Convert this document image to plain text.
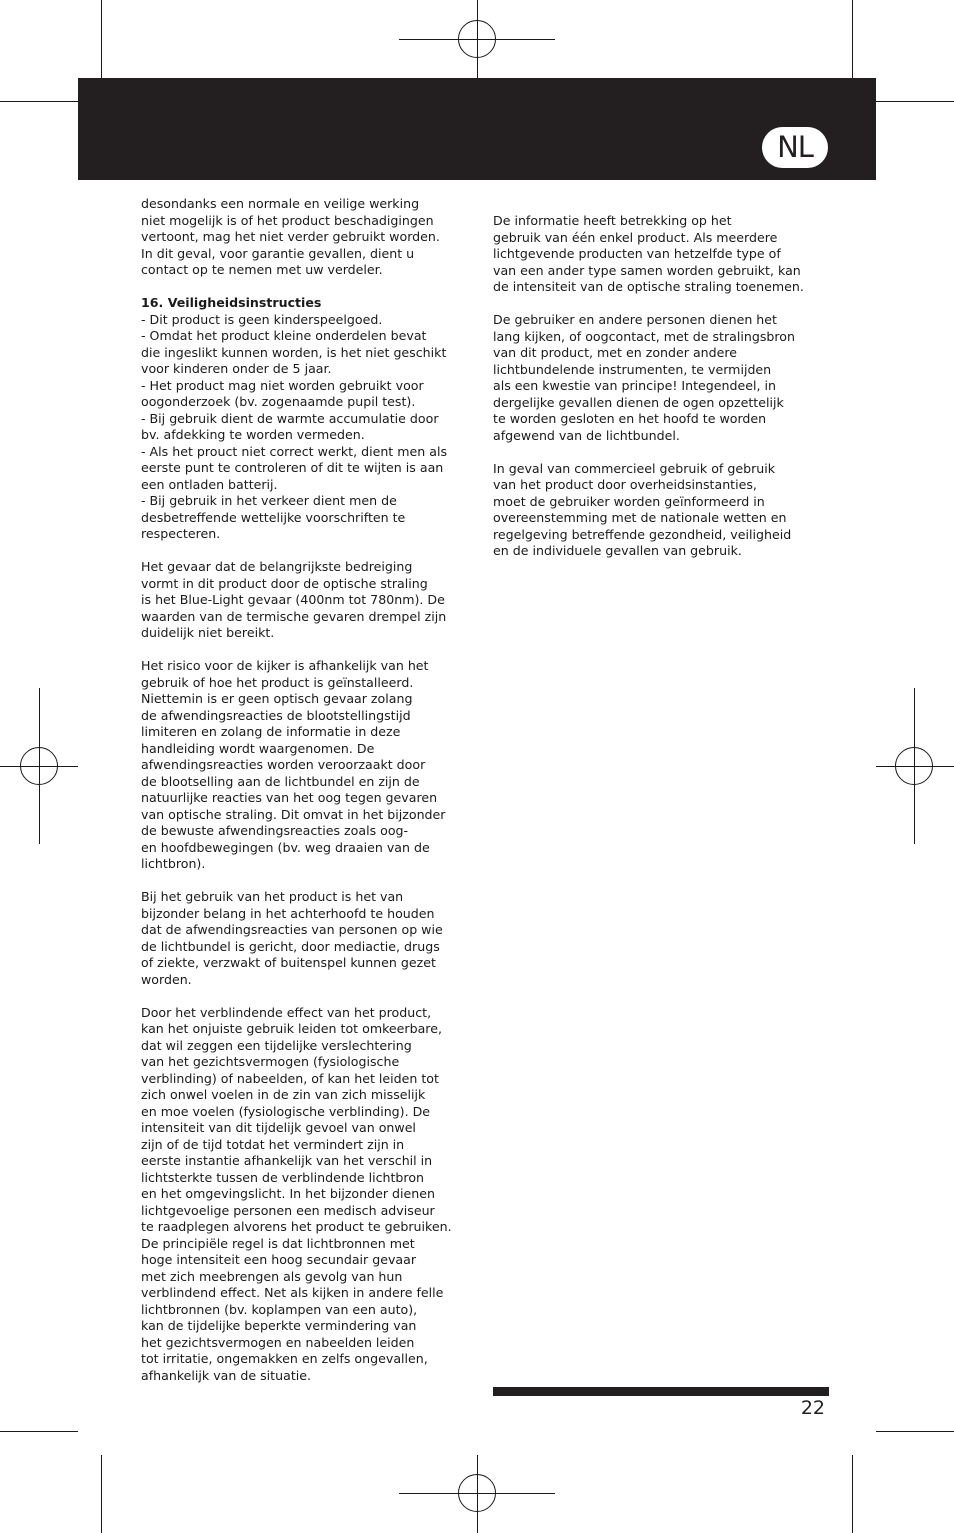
NL

desondanks een normale en veilige werking
niet mogelijk is of het product beschadigingen
vertoont, mag het niet verder gebruikt worden.
In dit geval, voor garantie gevallen, dient u
contact op te nemen met uw verdeler.

16. Veiligheidsinstructies

- Dit product is geen kinderspeelgoed.
- Omdat het product kleine onderdelen bevat
die ingeslikt kunnen worden, is het niet geschikt
voor kinderen onder de 5 jaar.
- Het product mag niet worden gebruikt voor
oogonderzoek (bv. zogenaamde pupil test).
- Bij gebruik dient de warmte accumulatie door
bv. afdekking te worden vermeden.
- Als het prouct niet correct werkt, dient men als
eerste punt te controleren of dit te wijten is aan
een ontladen batterij.
- Bij gebruik in het verkeer dient men de
desbetreffende wettelijke voorschriften te
respecteren.

Het gevaar dat de belangrijkste bedreiging
vormt in dit product door de optische straling
is het Blue-Light gevaar (400nm tot 780nm). De
waarden van de termische gevaren drempel zijn
duidelijk niet bereikt.

Het risico voor de kijker is afhankelijk van het
gebruik of hoe het product is geïnstalleerd.
Niettemin is er geen optisch gevaar zolang
de afwendingsreacties de blootstellingstijd
limiteren en zolang de informatie in deze
handleiding wordt waargenomen. De
afwendingsreacties worden veroorzaakt door
de blootselling aan de lichtbundel en zijn de
natuurlijke reacties van het oog tegen gevaren
van optische straling. Dit omvat in het bijzonder
de bewuste afwendingsreacties zoals oog-
en hoofdbewegingen (bv. weg draaien van de
lichtbron).

Bij het gebruik van het product is het van
bijzonder belang in het achterhoofd te houden
dat de afwendingsreacties van personen op wie
de lichtbundel is gericht, door mediactie, drugs
of ziekte, verzwakt of buitenspel kunnen gezet
worden.

Door het verblindende effect van het product,
kan het onjuiste gebruik leiden tot omkeerbare,
dat wil zeggen een tijdelijke verslechtering
van het gezichtsvermogen (fysiologische
verblinding) of nabeelden, of kan het leiden tot
zich onwel voelen in de zin van zich misselijk
en moe voelen (fysiologische verblinding). De
intensiteit van dit tijdelijk gevoel van onwel
zijn of de tijd totdat het vermindert zijn in
eerste instantie afhankelijk van het verschil in
lichtsterkte tussen de verblindende lichtbron
en het omgevingslicht. In het bijzonder dienen
lichtgevoelige personen een medisch adviseur
te raadplegen alvorens het product te gebruiken.
De principiële regel is dat lichtbronnen met
hoge intensiteit een hoog secundair gevaar
met zich meebrengen als gevolg van hun
verblindend effect. Net als kijken in andere felle
lichtbronnen (bv. koplampen van een auto),
kan de tijdelijke beperkte vermindering van
het gezichtsvermogen en nabeelden leiden
tot irritatie, ongemakken en zelfs ongevallen,
afhankelijk van de situatie.

De informatie heeft betrekking op het
gebruik van één enkel product. Als meerdere
lichtgevende producten van hetzelfde type of
van een ander type samen worden gebruikt, kan
de intensiteit van de optische straling toenemen.

De gebruiker en andere personen dienen het
lang kijken, of oogcontact, met de stralingsbron
van dit product, met en zonder andere
lichtbundelende instrumenten, te vermijden
als een kwestie van principe! Integendeel, in
dergelijke gevallen dienen de ogen opzettelijk
te worden gesloten en het hoofd te worden
afgewend van de lichtbundel.

In geval van commercieel gebruik of gebruik
van het product door overheidsinstanties,
moet de gebruiker worden geïnformeerd in
overeenstemming met de nationale wetten en
regelgeving betreffende gezondheid, veiligheid
en de individuele gevallen van gebruik.

22
